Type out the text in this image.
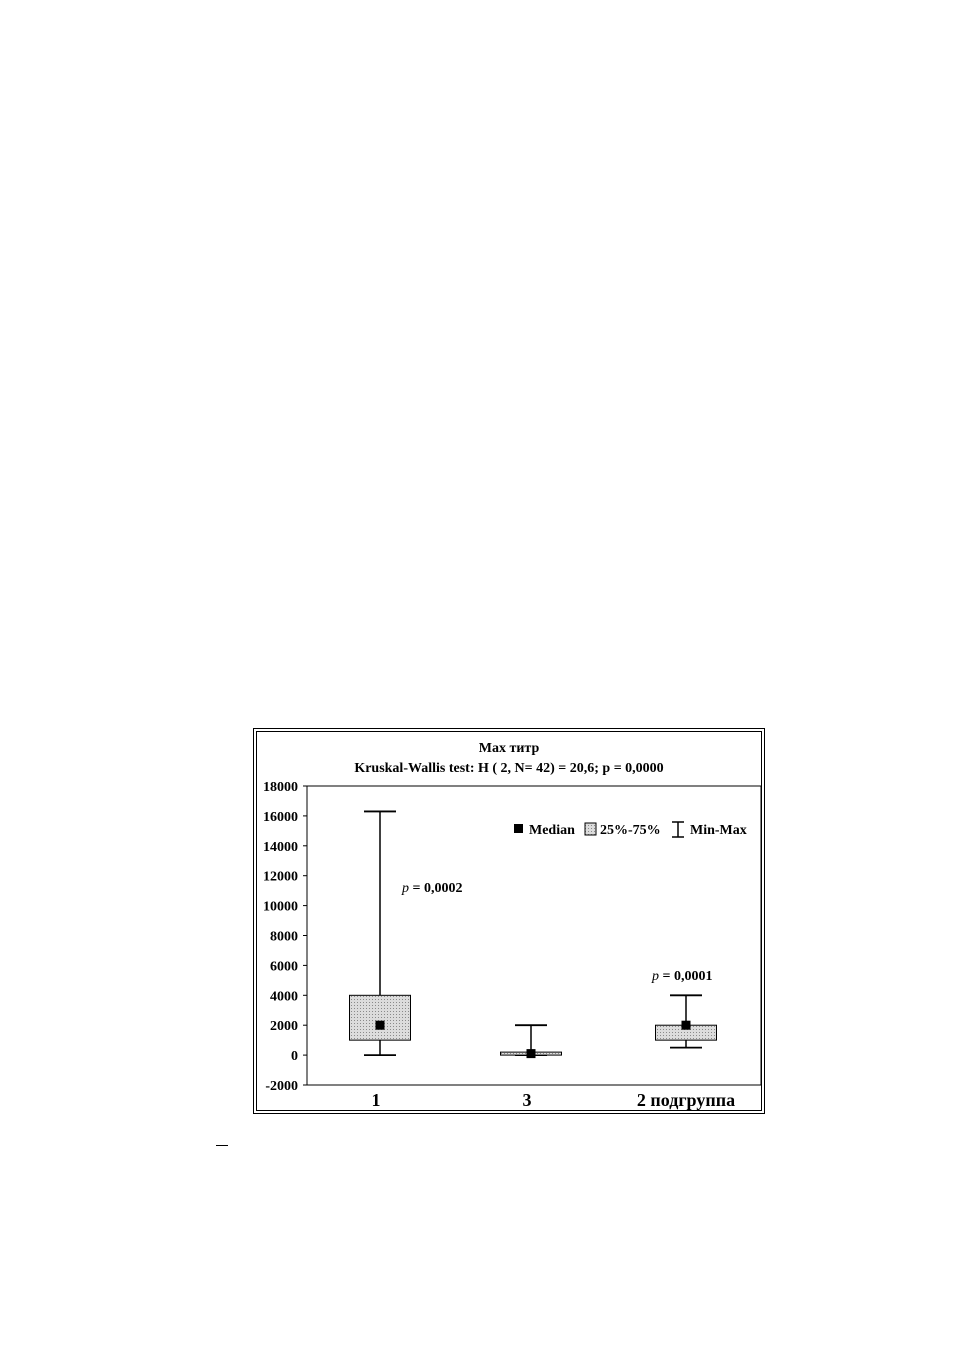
Max титр
Kruskal-Wallis test: H ( 2, N= 42) = 20,6; p = 0,0000
-2000
0
2000
4000
6000
8000
10000
12000
14000
16000
18000
p = 0,0002
p = 0,0001
1	3	2 подгруппа
Median 25%-75% Min-Max
